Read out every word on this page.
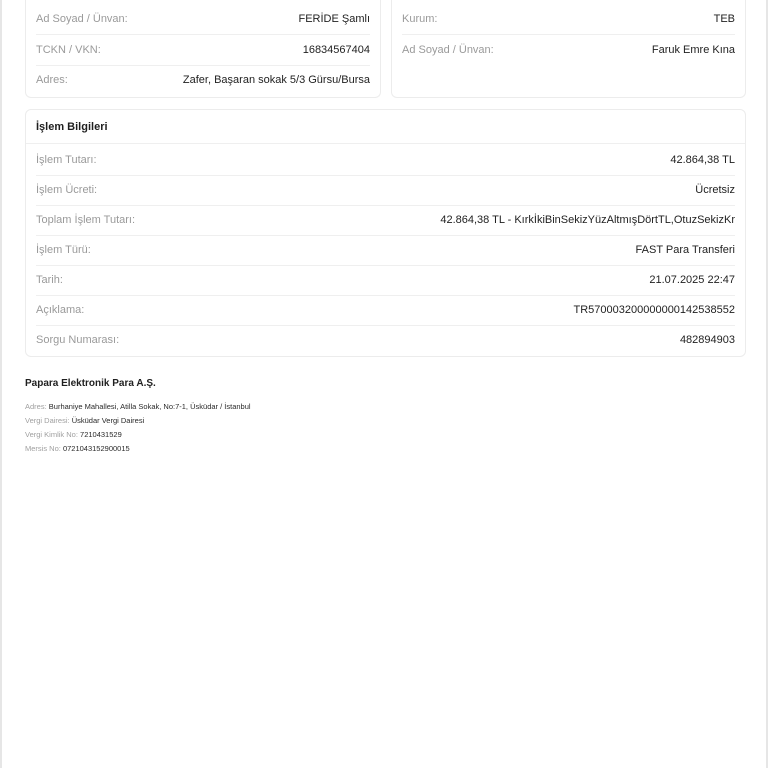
Ad Soyad / Ünvan:	FERİDE Şamlı
TCKN / VKN:	16834567404
Adres:	Zafer, Başaran sokak 5/3 Gürsu/Bursa
Kurum:	TEB
Ad Soyad / Ünvan:	Faruk Emre Kına
İşlem Bilgileri
İşlem Tutarı:	42.864,38 TL
İşlem Ücreti:	Ücretsiz
Toplam İşlem Tutarı:	42.864,38 TL - KırkİkiBinSekizYüzAltmışDörtTL,OtuzSekizKr
İşlem Türü:	FAST Para Transferi
Tarih:	21.07.2025 22:47
Açıklama:	TR570003200000000142538552
Sorgu Numarası:	482894903
Papara Elektronik Para A.Ş.
Adres: Burhaniye Mahallesi, Atilla Sokak, No:7-1, Üsküdar / İstanbul
Vergi Dairesi: Üsküdar Vergi Dairesi
Vergi Kimlik No: 7210431529
Mersis No: 0721043152900015
